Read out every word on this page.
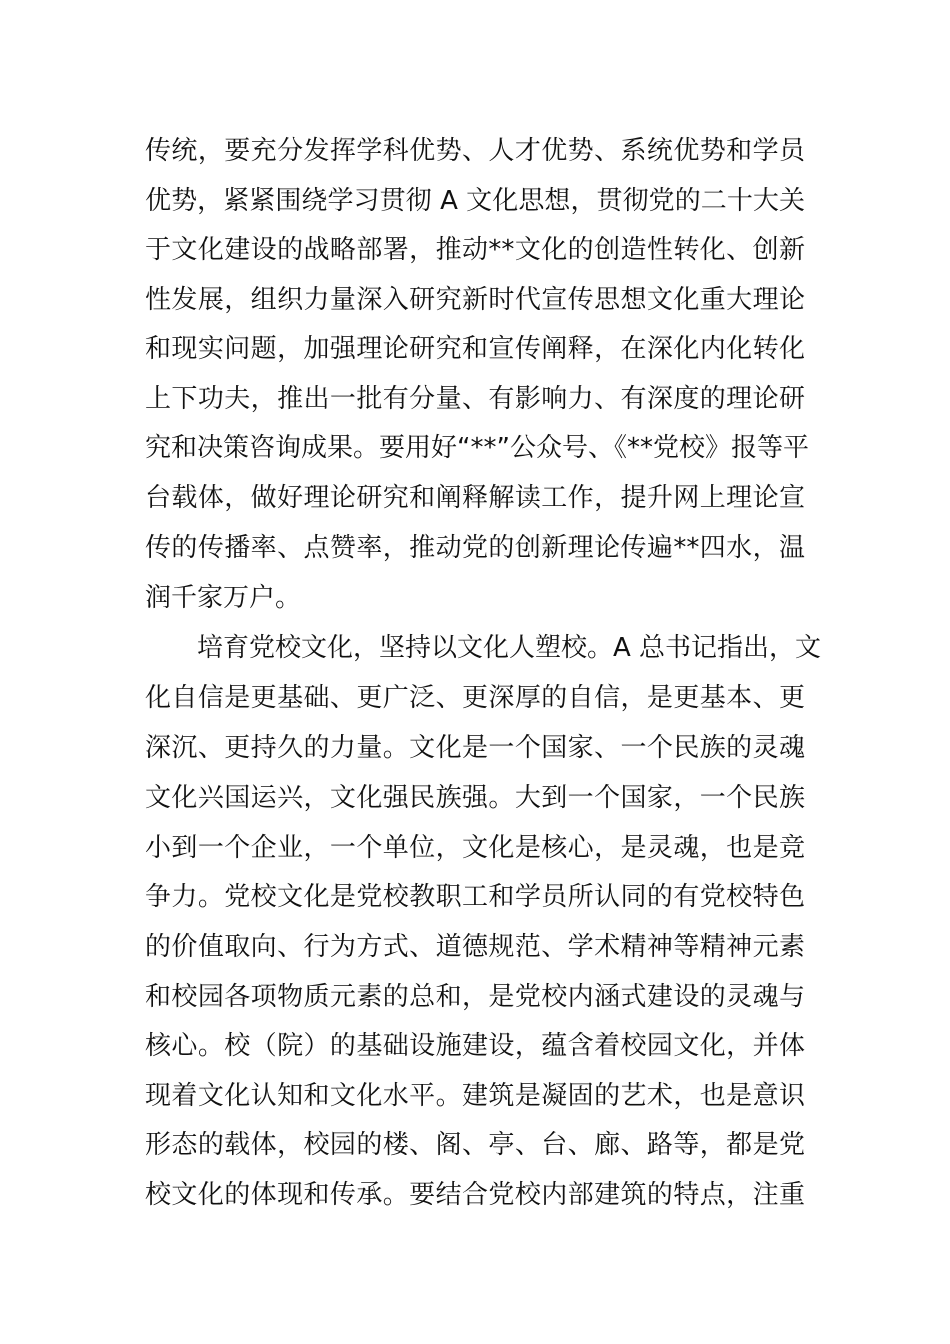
传统，要充分发挥学科优势、人才优势、系统优势和学员
优势，紧紧围绕学习贯彻 A 文化思想，贯彻党的二十大关
于文化建设的战略部署，推动**文化的创造性转化、创新
性发展，组织力量深入研究新时代宣传思想文化重大理论
和现实问题，加强理论研究和宣传阐释，在深化内化转化
上下功夫，推出一批有分量、有影响力、有深度的理论研
究和决策咨询成果。要用好“**”公众号、《**党校》报等平
台载体，做好理论研究和阐释解读工作，提升网上理论宣
传的传播率、点赞率，推动党的创新理论传遍**四水，温
润千家万户。
培育党校文化，坚持以文化人塑校。A 总书记指出，文
化自信是更基础、更广泛、更深厚的自信，是更基本、更
深沉、更持久的力量。文化是一个国家、一个民族的灵魂
文化兴国运兴，文化强民族强。大到一个国家，一个民族
小到一个企业，一个单位，文化是核心，是灵魂，也是竞
争力。党校文化是党校教职工和学员所认同的有党校特色
的价值取向、行为方式、道德规范、学术精神等精神元素
和校园各项物质元素的总和，是党校内涵式建设的灵魂与
核心。校（院）的基础设施建设，蕴含着校园文化，并体
现着文化认知和文化水平。建筑是凝固的艺术，也是意识
形态的载体，校园的楼、阁、亭、台、廊、路等，都是党
校文化的体现和传承。要结合党校内部建筑的特点，注重
